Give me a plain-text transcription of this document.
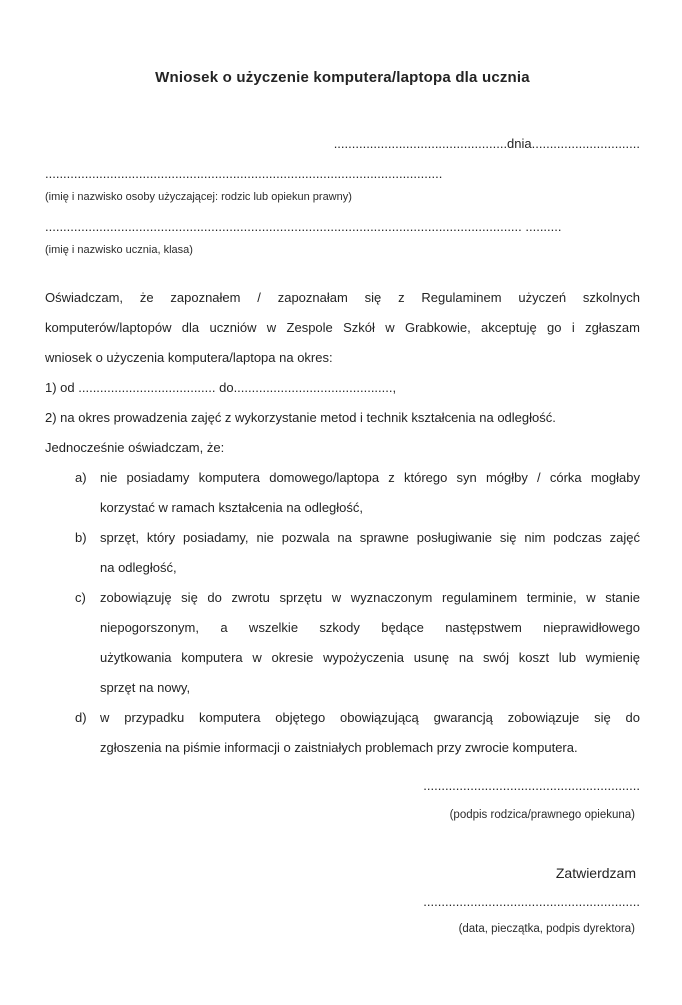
Wniosek o użyczenie komputera/laptopa dla ucznia
................................................dnia..............................
..............................................................................................................
(imię i nazwisko osoby użyczającej: rodzic lub opiekun prawny)
.................................................................................................................................... ..........
(imię i nazwisko ucznia, klasa)
Oświadczam, że zapoznałem / zapoznałam się z Regulaminem użyczeń szkolnych
komputerów/laptopów dla uczniów w Zespole Szkół w Grabkowie, akceptuję go i zgłaszam
wniosek o użyczenia komputera/laptopa na okres:
1) od ...................................... do............................................,
2) na okres prowadzenia zajęć z wykorzystanie metod i technik kształcenia na odległość.
Jednocześnie oświadczam, że:
a) nie posiadamy komputera domowego/laptopa z którego syn mógłby / córka mogłaby
korzystać w ramach kształcenia na odległość,
b) sprzęt, który posiadamy, nie pozwala na sprawne posługiwanie się nim podczas zajęć
na odległość,
c) zobowiązuję się do zwrotu sprzętu w wyznaczonym regulaminem terminie, w stanie
niepogorszonym, a wszelkie szkody będące następstwem nieprawidłowego
użytkowania komputera w okresie wypożyczenia usunę na swój koszt lub wymienię
sprzęt na nowy,
d) w przypadku komputera objętego obowiązującą gwarancją zobowiązuje się do
zgłoszenia na piśmie informacji o zaistniałych problemach przy zwrocie komputera.
............................................................
(podpis rodzica/prawnego opiekuna)
Zatwierdzam
............................................................
(data, pieczątka, podpis dyrektora)
